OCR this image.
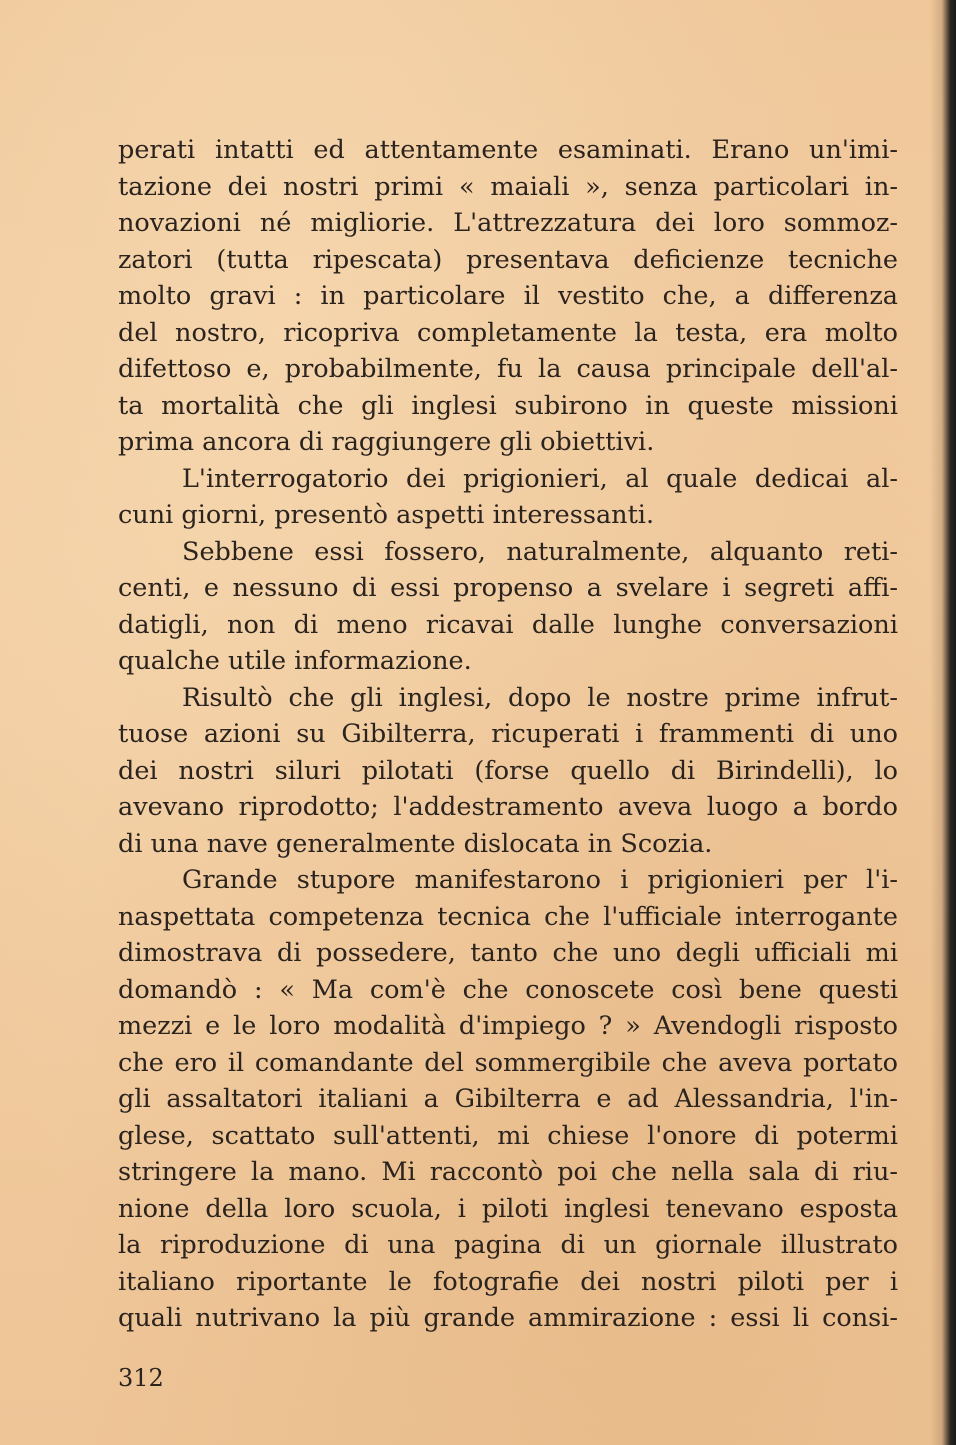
perati intatti ed attentamente esaminati. Erano un'imi-
tazione dei nostri primi « maiali », senza particolari in-
novazioni né migliorie. L'attrezzatura dei loro sommoz-
zatori (tutta ripescata) presentava deficienze tecniche
molto gravi : in particolare il vestito che, a differenza
del nostro, ricopriva completamente la testa, era molto
difettoso e, probabilmente, fu la causa principale dell'al-
ta mortalità che gli inglesi subirono in queste missioni
prima ancora di raggiungere gli obiettivi.
L'interrogatorio dei prigionieri, al quale dedicai al-
cuni giorni, presentò aspetti interessanti.
Sebbene essi fossero, naturalmente, alquanto reti-
centi, e nessuno di essi propenso a svelare i segreti affi-
datigli, non di meno ricavai dalle lunghe conversazioni
qualche utile informazione.
Risultò che gli inglesi, dopo le nostre prime infrut-
tuose azioni su Gibilterra, ricuperati i frammenti di uno
dei nostri siluri pilotati (forse quello di Birindelli), lo
avevano riprodotto; l'addestramento aveva luogo a bordo
di una nave generalmente dislocata in Scozia.
Grande stupore manifestarono i prigionieri per l'i-
naspettata competenza tecnica che l'ufficiale interrogante
dimostrava di possedere, tanto che uno degli ufficiali mi
domandò : « Ma com'è che conoscete così bene questi
mezzi e le loro modalità d'impiego ? » Avendogli risposto
che ero il comandante del sommergibile che aveva portato
gli assaltatori italiani a Gibilterra e ad Alessandria, l'in-
glese, scattato sull'attenti, mi chiese l'onore di potermi
stringere la mano. Mi raccontò poi che nella sala di riu-
nione della loro scuola, i piloti inglesi tenevano esposta
la riproduzione di una pagina di un giornale illustrato
italiano riportante le fotografie dei nostri piloti per i
quali nutrivano la più grande ammirazione : essi li consi-
312
